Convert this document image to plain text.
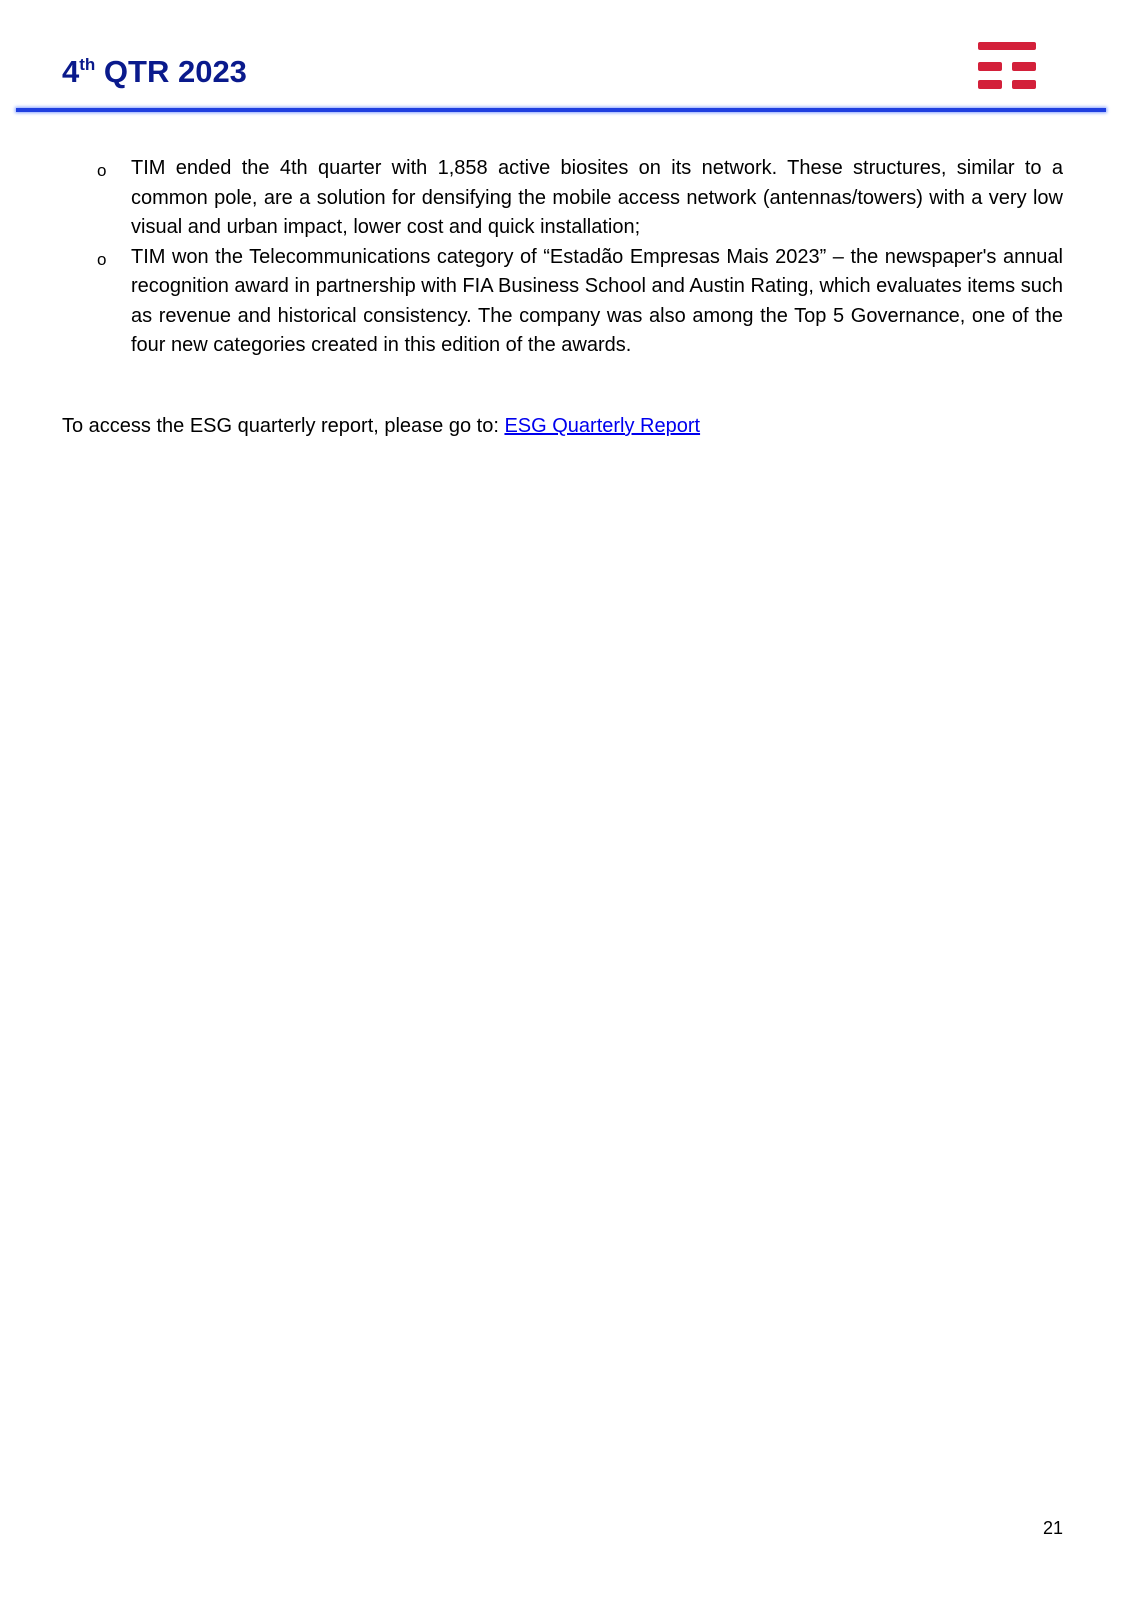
4th QTR 2023
o TIM ended the 4th quarter with 1,858 active biosites on its network. These structures, similar to a common pole, are a solution for densifying the mobile access network (antennas/towers) with a very low visual and urban impact, lower cost and quick installation;
o TIM won the Telecommunications category of “Estadão Empresas Mais 2023” – the newspaper's annual recognition award in partnership with FIA Business School and Austin Rating, which evaluates items such as revenue and historical consistency. The company was also among the Top 5 Governance, one of the four new categories created in this edition of the awards.
To access the ESG quarterly report, please go to: ESG Quarterly Report
21
